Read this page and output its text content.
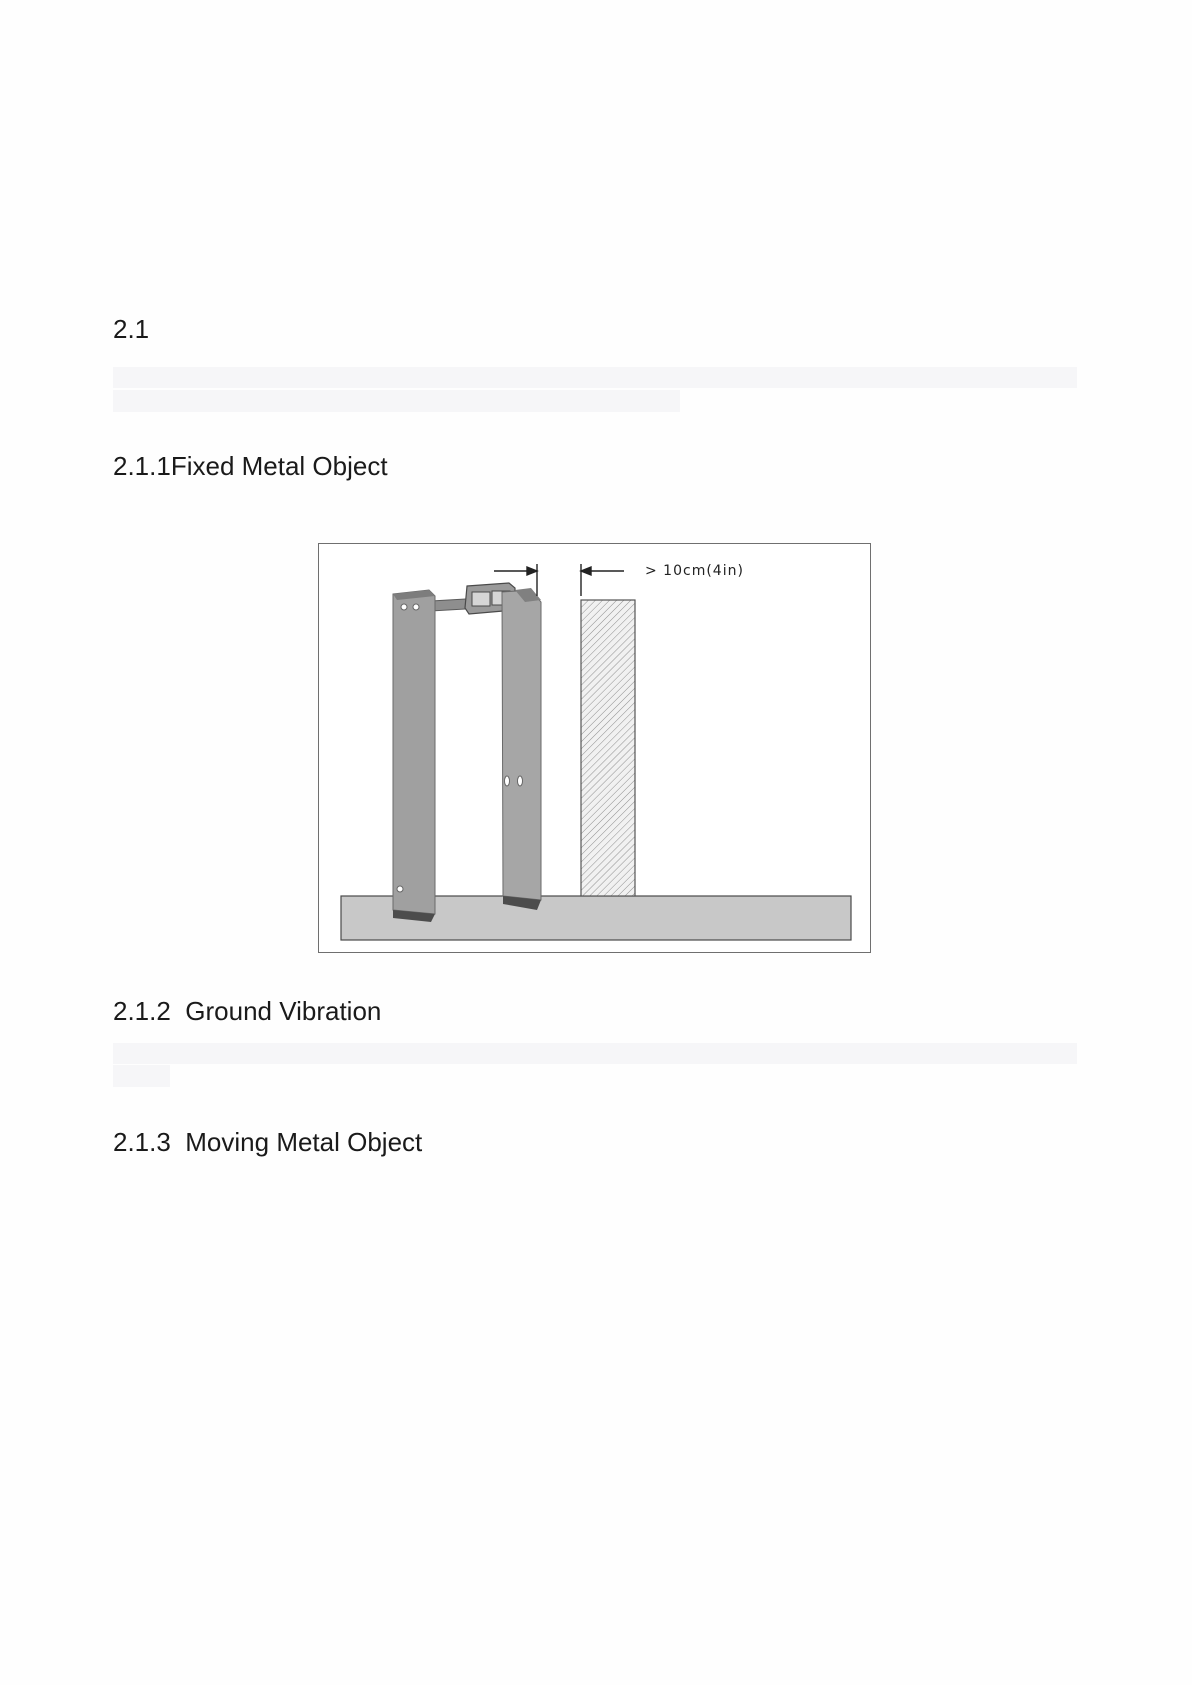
2.1
2.1.1Fixed Metal Object
> 10cm(4in)
2.1.2  Ground Vibration
2.1.3  Moving Metal Object
